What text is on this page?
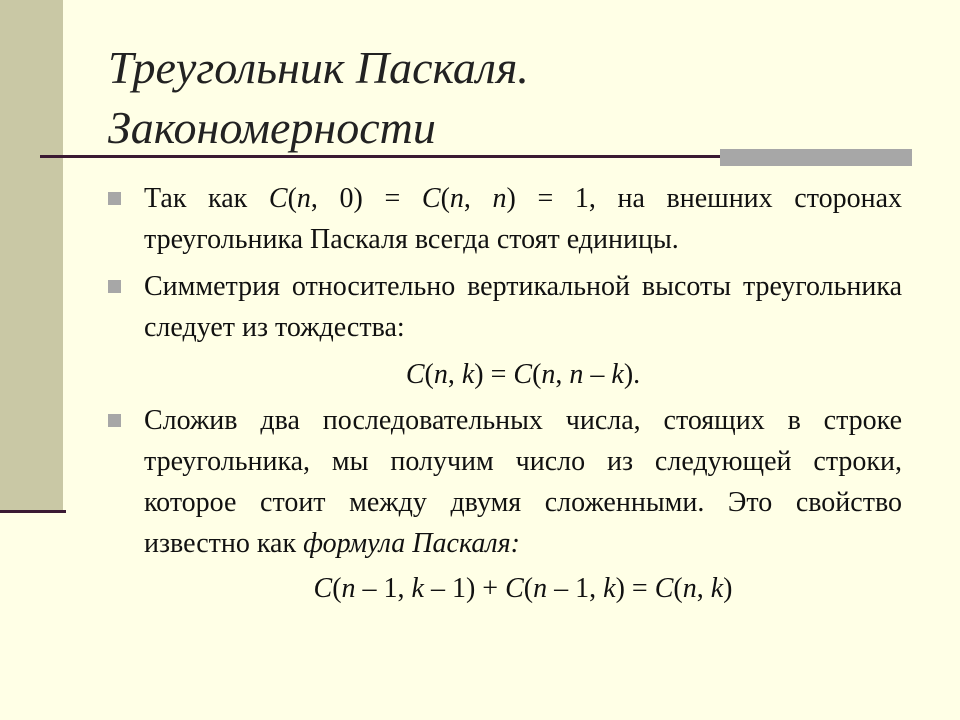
Треугольник Паскаля.
Закономерности
Так как C(n, 0) = C(n, n) = 1, на внешних сторонах треугольника Паскаля всегда стоят единицы.
Симметрия относительно вертикальной высоты треугольника следует из тождества:
C(n, k) = C(n, n – k).
Сложив два последовательных числа, стоящих в строке треугольника, мы получим число из следующей строки, которое стоит между двумя сложенными. Это свойство известно как формула Паскаля:
C(n – 1, k – 1) + C(n – 1, k) = C(n, k)
